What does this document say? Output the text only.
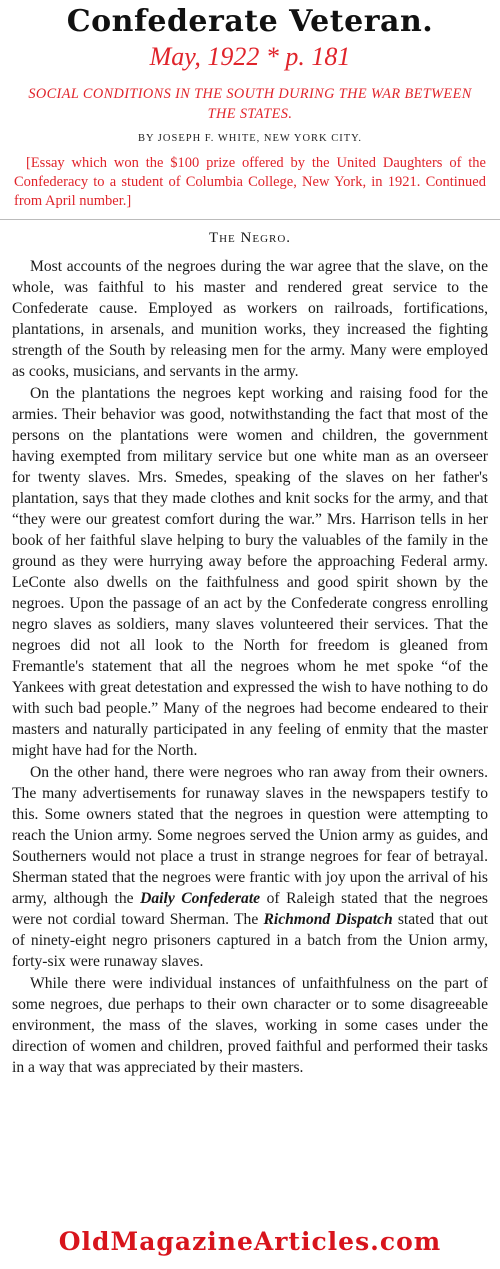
Confederate Veteran.
May, 1922 * p. 181
SOCIAL CONDITIONS IN THE SOUTH DURING THE WAR BETWEEN THE STATES.
BY JOSEPH F. WHITE, NEW YORK CITY.
[Essay which won the $100 prize offered by the United Daughters of the Confederacy to a student of Columbia College, New York, in 1921. Continued from April number.]
The Negro.

Most accounts of the negroes during the war agree that the slave, on the whole, was faithful to his master and rendered great service to the Confederate cause. Employed as workers on railroads, fortifications, plantations, in arsenals, and munition works, they increased the fighting strength of the South by releasing men for the army. Many were employed as cooks, musicians, and servants in the army.

On the plantations the negroes kept working and raising food for the armies. Their behavior was good, notwithstanding the fact that most of the persons on the plantations were women and children, the government having exempted from military service but one white man as an overseer for twenty slaves. Mrs. Smedes, speaking of the slaves on her father's plantation, says that they made clothes and knit socks for the army, and that “they were our greatest comfort during the war.” Mrs. Harrison tells in her book of her faithful slave helping to bury the valuables of the family in the ground as they were hurrying away before the approaching Federal army. LeConte also dwells on the faithfulness and good spirit shown by the negroes. Upon the passage of an act by the Confederate congress enrolling negro slaves as soldiers, many slaves volunteered their services. That the negroes did not all look to the North for freedom is gleaned from Fremantle's statement that all the negroes whom he met spoke “of the Yankees with great detestation and expressed the wish to have nothing to do with such bad people.” Many of the negroes had become endeared to their masters and naturally participated in any feeling of enmity that the master might have had for the North.

On the other hand, there were negroes who ran away from their owners. The many advertisements for runaway slaves in the newspapers testify to this. Some owners stated that the negroes in question were attempting to reach the Union army. Some negroes served the Union army as guides, and Southerners would not place a trust in strange negroes for fear of betrayal. Sherman stated that the negroes were frantic with joy upon the arrival of his army, although the Daily Confederate of Raleigh stated that the negroes were not cordial toward Sherman. The Richmond Dispatch stated that out of ninety-eight negro prisoners captured in a batch from the Union army, forty-six were runaway slaves.

While there were individual instances of unfaithfulness on the part of some negroes, due perhaps to their own character or to some disagreeable environment, the mass of the slaves, working in some cases under the direction of women and children, proved faithful and performed their tasks in a way that was appreciated by their masters.

OldMagazineArticles.com
